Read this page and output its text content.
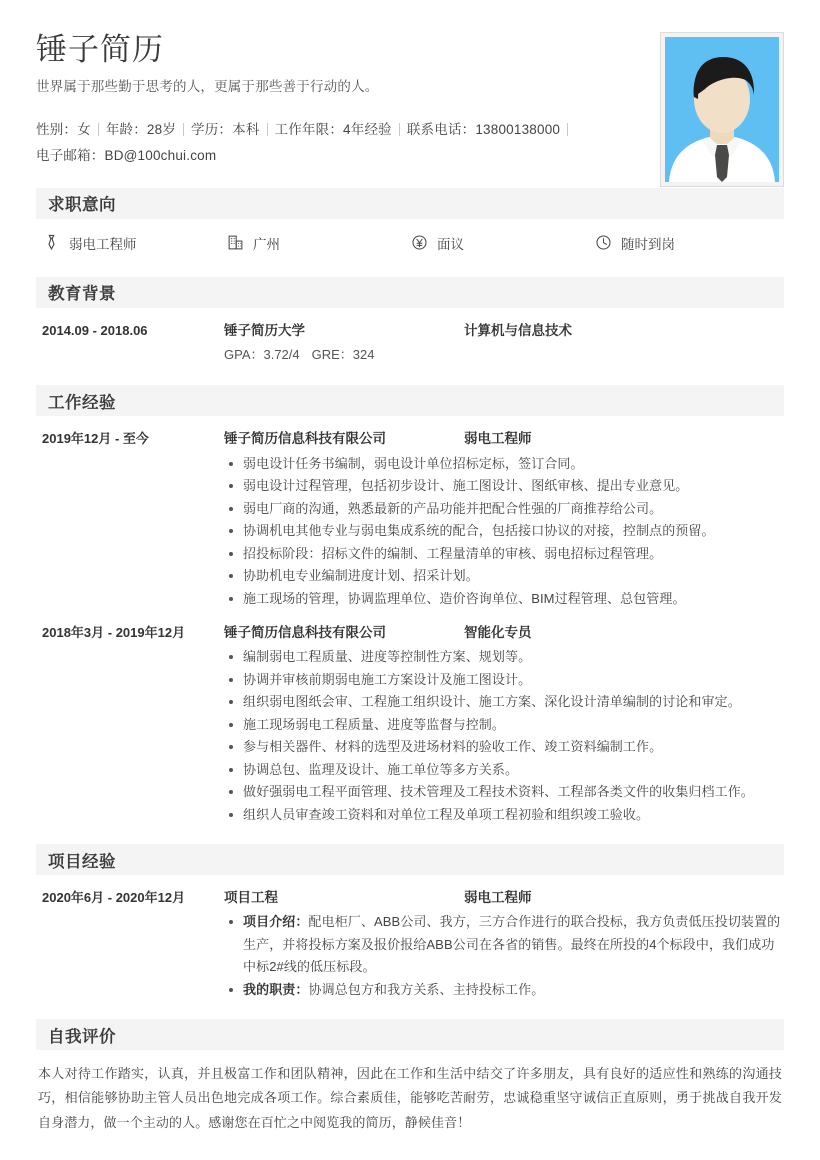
锤子简历
世界属于那些勤于思考的人，更属于那些善于行动的人。
性别：女 年龄：28岁 学历：本科 工作年限：4年经验 联系电话：13800138000
电子邮箱：BD@100chui.com
求职意向
弱电工程师	广州	面议	随时到岗
教育背景
2014.09 - 2018.06	锤子简历大学	计算机与信息技术
GPA：3.72/4 GRE：324
工作经验
2019年12月 - 至今	锤子简历信息科技有限公司	弱电工程师
弱电设计任务书编制，弱电设计单位招标定标，签订合同。
弱电设计过程管理，包括初步设计、施工图设计、图纸审核、提出专业意见。
弱电厂商的沟通，熟悉最新的产品功能并把配合性强的厂商推荐给公司。
协调机电其他专业与弱电集成系统的配合，包括接口协议的对接，控制点的预留。
招投标阶段：招标文件的编制、工程量清单的审核、弱电招标过程管理。
协助机电专业编制进度计划、招采计划。
施工现场的管理，协调监理单位、造价咨询单位、BIM过程管理、总包管理。
2018年3月 - 2019年12月	锤子简历信息科技有限公司	智能化专员
编制弱电工程质量、进度等控制性方案、规划等。
协调并审核前期弱电施工方案设计及施工图设计。
组织弱电图纸会审、工程施工组织设计、施工方案、深化设计清单编制的讨论和审定。
施工现场弱电工程质量、进度等监督与控制。
参与相关器件、材料的选型及进场材料的验收工作、竣工资料编制工作。
协调总包、监理及设计、施工单位等多方关系。
做好强弱电工程平面管理、技术管理及工程技术资料、工程部各类文件的收集归档工作。
组织人员审查竣工资料和对单位工程及单项工程初验和组织竣工验收。
项目经验
2020年6月 - 2020年12月	项目工程	弱电工程师
项目介绍：配电柜厂、ABB公司、我方，三方合作进行的联合投标，我方负责低压投切装置的生产，并将投标方案及报价报给ABB公司在各省的销售。最终在所投的4个标段中，我们成功中标2#线的低压标段。
我的职责：协调总包方和我方关系、主持投标工作。
自我评价
本人对待工作踏实，认真，并且极富工作和团队精神，因此在工作和生活中结交了许多朋友，具有良好的适应性和熟练的沟通技巧，相信能够协助主管人员出色地完成各项工作。综合素质佳，能够吃苦耐劳，忠诚稳重坚守诚信正直原则，勇于挑战自我开发自身潜力，做一个主动的人。感谢您在百忙之中阅览我的简历，静候佳音！
